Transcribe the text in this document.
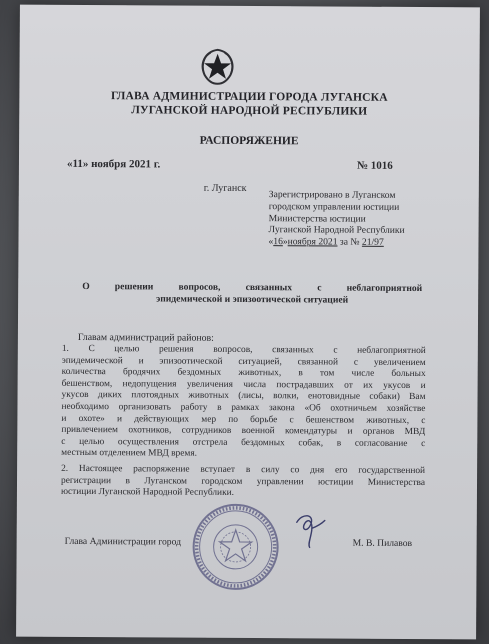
ГЛАВА АДМИНИСТРАЦИИ ГОРОДА ЛУГАНСКА
ЛУГАНСКОЙ НАРОДНОЙ РЕСПУБЛИКИ
РАСПОРЯЖЕНИЕ
«11» ноября 2021 г.	№ 1016
г. Луганск
Зарегистрировано в Луганском
городском управлении юстиции
Министерства юстиции
Луганской Народной Республики
«16»ноября 2021 за № 21/97
О решении вопросов, связанных с неблагоприятной
эпидемической и эпизоотической ситуацией
Главам администраций районов:
1. С целью решения вопросов, связанных с неблагоприятной
эпидемической и эпизоотической ситуацией, связанной с увеличением
количества бродячих бездомных животных, в том числе больных
бешенством, недопущения увеличения числа пострадавших от их укусов и
укусов диких плотоядных животных (лисы, волки, енотовидные собаки) Вам
необходимо организовать работу в рамках закона «Об охотничьем хозяйстве
и охоте» и действующих мер по борьбе с бешенством животных, с
привлечением охотников, сотрудников военной комендатуры и органов МВД
с целью осуществления отстрела бездомных собак, в согласование с
местным отделением МВД время.
2. Настоящее распоряжение вступает в силу со дня его государственной
регистрации в Луганском городском управлении юстиции Министерства
юстиции Луганской Народной Республики.
Глава Администрации город	М. В. Пилавов
